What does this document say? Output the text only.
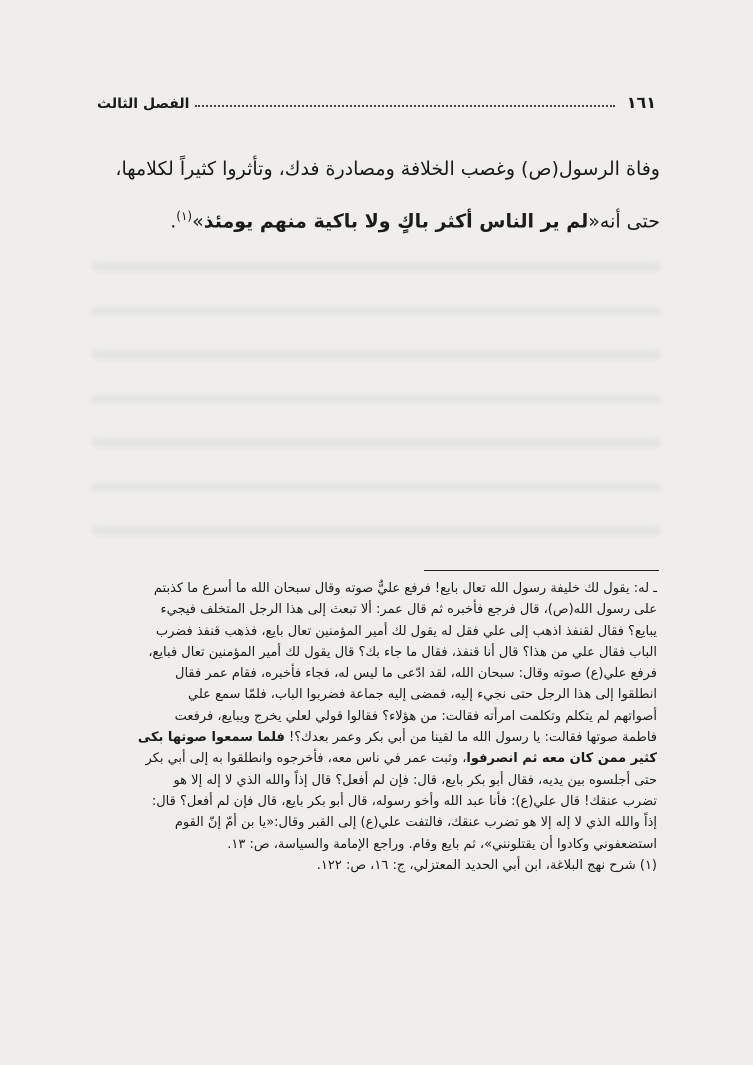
١٦١
الفصل الثالث

وفاة الرسول(ص) وغصب الخلافة ومصادرة فدك، وتأثروا كثيراً لكلامها،

حتى أنه«لم ير الناس أكثر باكٍ ولا باكية منهم يومئذ»$^{(١)}$.

ـ له: يقول لك خليفة رسول الله تعال بايع! فرفع عليٌّ صوته وقال سبحان الله ما أسرع ما كذبتم

على رسول الله(ص)، قال فرجع فأخبره ثم قال عمر: ألا تبعث إلى هذا الرجل المتخلف فيجيء

يبايع؟ فقال لقنفذ اذهب إلى علي فقل له يقول لك أمير المؤمنين تعال بايع، فذهب قنفذ فضرب

الباب فقال علي من هذا؟ قال أنا قنفذ، فقال ما جاء بك؟ قال يقول لك أمير المؤمنين تعال فبايع،

فرفع علي(ع) صوته وقال: سبحان الله، لقد ادّعى ما ليس له، فجاء فأخبره، فقام عمر فقال

انطلقوا إلى هذا الرجل حتى نجيء إليه، فمضى إليه جماعة فضربوا الباب، فلمّا سمع علي

أصواتهم لم يتكلم وتكلمت امرأته فقالت: من هؤلاء؟ فقالوا قولي لعلي يخرج ويبايع، فرفعت

فاطمة صوتها فقالت: يا رسول الله ما لقينا من أبي بكر وعمر بعدك؟! فلما سمعوا صوتها بكى

كثير ممن كان معه ثم انصرفوا، وثبت عمر في ناس معه، فأخرجوه وانطلقوا به إلى أبي بكر

حتى أجلسوه بين يديه، فقال أبو بكر بايع، قال: فإن لم أفعل؟ قال إذاً والله الذي لا إله إلا هو

تضرب عنقك! قال علي(ع): فأنا عبد الله وأخو رسوله، قال أبو بكر بايع، قال فإن لم أفعل؟ قال:

إذاً والله الذي لا إله إلا هو تضرب عنقك، فالتفت علي(ع) إلى القبر وقال:«يا بن أمّ إنّ القوم

استضعفوني وكادوا أن يقتلونني»، ثم بايع وقام. وراجع الإمامة والسياسة، ص: ١٣.

(١) شرح نهج البلاغة، ابن أبي الحديد المعتزلي، ج: ١٦، ص: ١٢٢.
